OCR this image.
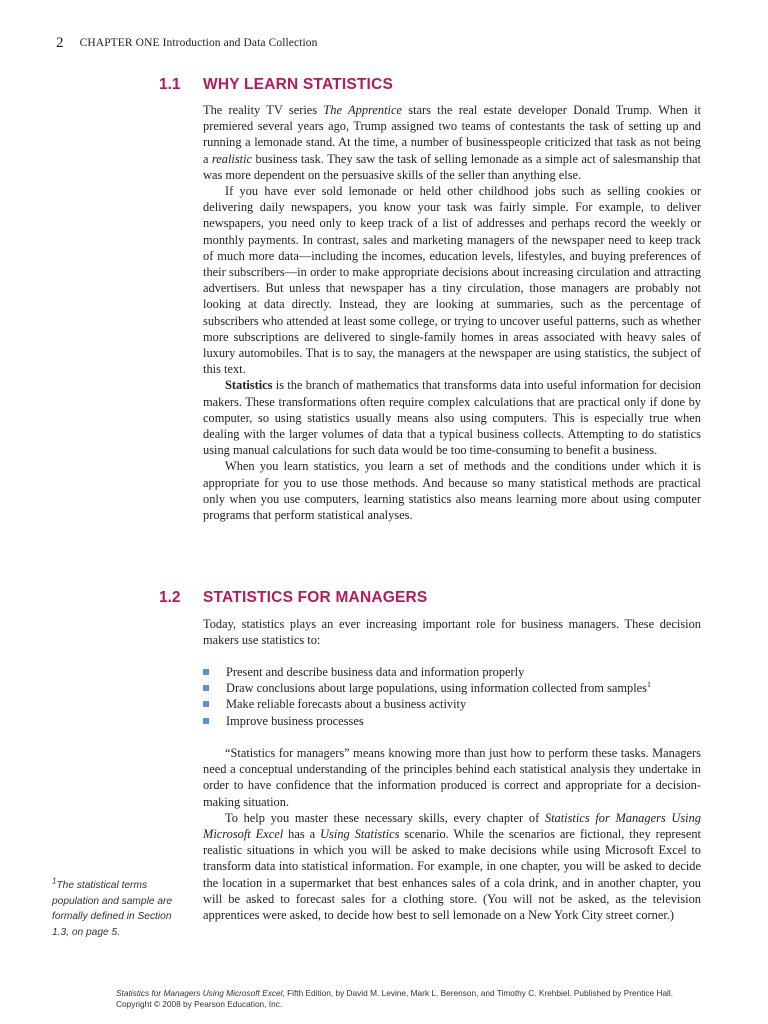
2 CHAPTER ONE Introduction and Data Collection
1.1 WHY LEARN STATISTICS

The reality TV series The Apprentice stars the real estate developer Donald Trump. When it premiered several years ago, Trump assigned two teams of contestants the task of setting up and running a lemonade stand. At the time, a number of businesspeople criticized that task as not being a realistic business task. They saw the task of selling lemonade as a simple act of salesmanship that was more dependent on the persuasive skills of the seller than anything else.

If you have ever sold lemonade or held other childhood jobs such as selling cookies or delivering daily newspapers, you know your task was fairly simple. For example, to deliver newspapers, you need only to keep track of a list of addresses and perhaps record the weekly or monthly payments. In contrast, sales and marketing managers of the newspaper need to keep track of much more data—including the incomes, education levels, lifestyles, and buying preferences of their subscribers—in order to make appropriate decisions about increasing circulation and attracting advertisers. But unless that newspaper has a tiny circulation, those managers are probably not looking at data directly. Instead, they are looking at summaries, such as the percentage of subscribers who attended at least some college, or trying to uncover useful patterns, such as whether more subscriptions are delivered to single-family homes in areas associated with heavy sales of luxury automobiles. That is to say, the managers at the newspaper are using statistics, the subject of this text.

Statistics is the branch of mathematics that transforms data into useful information for decision makers. These transformations often require complex calculations that are practical only if done by computer, so using statistics usually means also using computers. This is especially true when dealing with the larger volumes of data that a typical business collects. Attempting to do statistics using manual calculations for such data would be too time-consuming to benefit a business.

When you learn statistics, you learn a set of methods and the conditions under which it is appropriate for you to use those methods. And because so many statistical methods are practical only when you use computers, learning statistics also means learning more about using computer programs that perform statistical analyses.

1.2 STATISTICS FOR MANAGERS

Today, statistics plays an ever increasing important role for business managers. These decision makers use statistics to:

Present and describe business data and information properly
Draw conclusions about large populations, using information collected from samples$^1$
Make reliable forecasts about a business activity
Improve business processes

“Statistics for managers” means knowing more than just how to perform these tasks. Managers need a conceptual understanding of the principles behind each statistical analysis they undertake in order to have confidence that the information produced is correct and appropriate for a decision-making situation.

To help you master these necessary skills, every chapter of Statistics for Managers Using Microsoft Excel has a Using Statistics scenario. While the scenarios are fictional, they represent realistic situations in which you will be asked to make decisions while using Microsoft Excel to transform data into statistical information. For example, in one chapter, you will be asked to decide the location in a supermarket that best enhances sales of a cola drink, and in another chapter, you will be asked to forecast sales for a clothing store. (You will not be asked, as the television apprentices were asked, to decide how best to sell lemonade on a New York City street corner.)

$^1$The statistical terms population and sample are formally defined in Section 1.3, on page 5.
Statistics for Managers Using Microsoft Excel, Fifth Edition, by David M. Levine, Mark L. Berenson, and Timothy C. Krehbiel. Published by Prentice Hall.
Copyright © 2008 by Pearson Education, Inc.
